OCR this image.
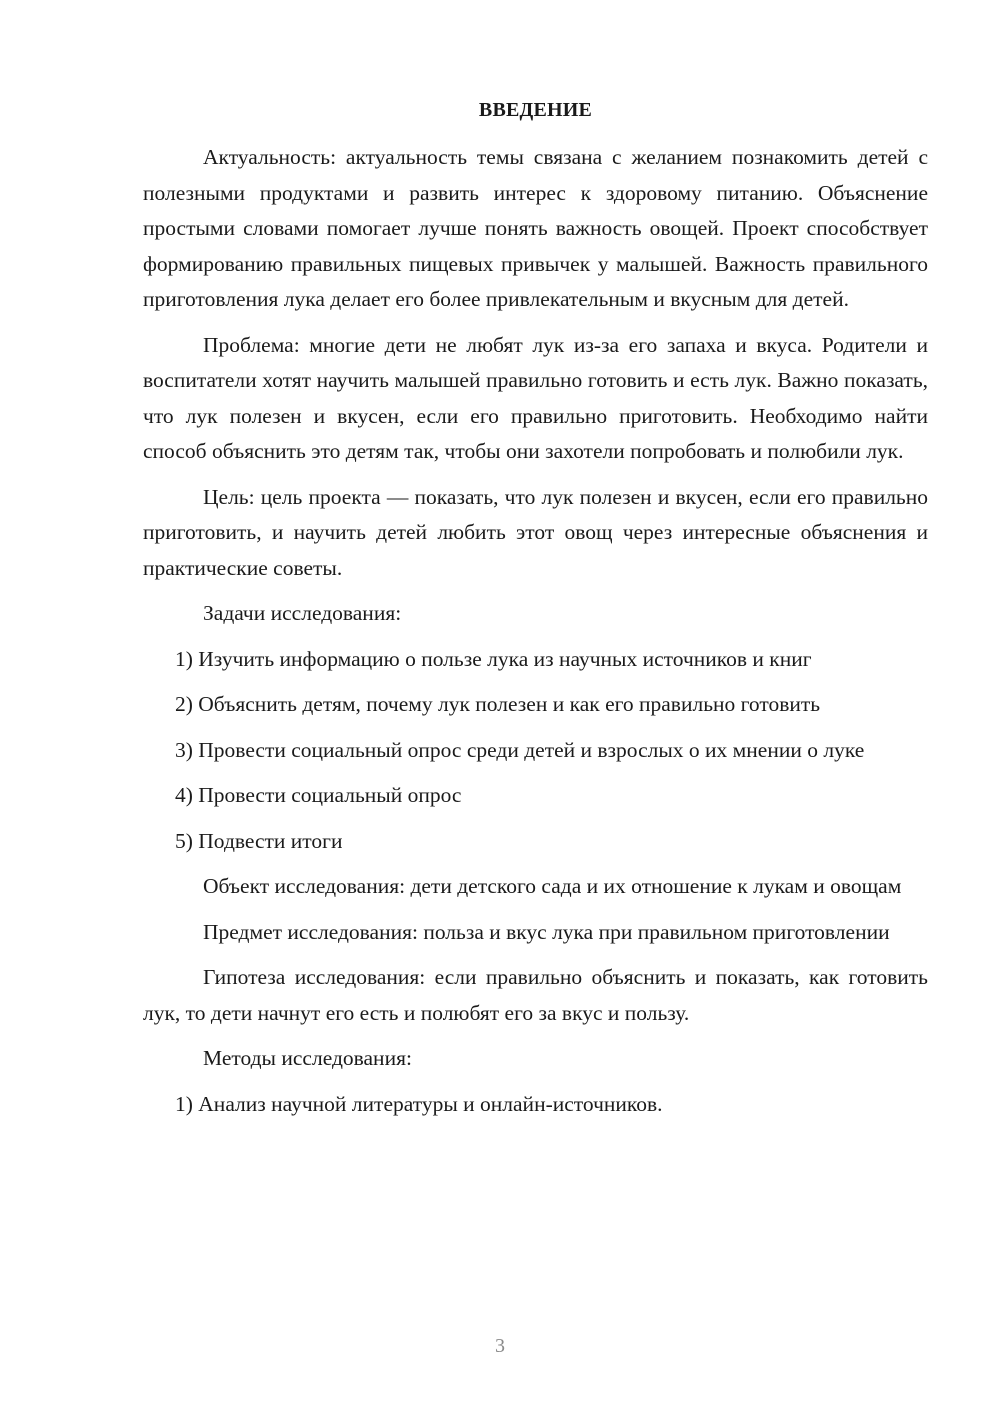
ВВЕДЕНИЕ

Актуальность: актуальность темы связана с желанием познакомить детей с полезными продуктами и развить интерес к здоровому питанию. Объяснение простыми словами помогает лучше понять важность овощей. Проект способствует формированию правильных пищевых привычек у малышей. Важность правильного приготовления лука делает его более привлекательным и вкусным для детей.

Проблема: многие дети не любят лук из-за его запаха и вкуса. Родители и воспитатели хотят научить малышей правильно готовить и есть лук. Важно показать, что лук полезен и вкусен, если его правильно приготовить. Необходимо найти способ объяснить это детям так, чтобы они захотели попробовать и полюбили лук.

Цель: цель проекта — показать, что лук полезен и вкусен, если его правильно приготовить, и научить детей любить этот овощ через интересные объяснения и практические советы.

Задачи исследования:

1) Изучить информацию о пользе лука из научных источников и книг

2) Объяснить детям, почему лук полезен и как его правильно готовить

3) Провести социальный опрос среди детей и взрослых о их мнении о луке

4) Провести социальный опрос

5) Подвести итоги

Объект исследования: дети детского сада и их отношение к лукам и овощам

Предмет исследования: польза и вкус лука при правильном приготовлении

Гипотеза исследования: если правильно объяснить и показать, как готовить лук, то дети начнут его есть и полюбят его за вкус и пользу.

Методы исследования:

1) Анализ научной литературы и онлайн-источников.

3
